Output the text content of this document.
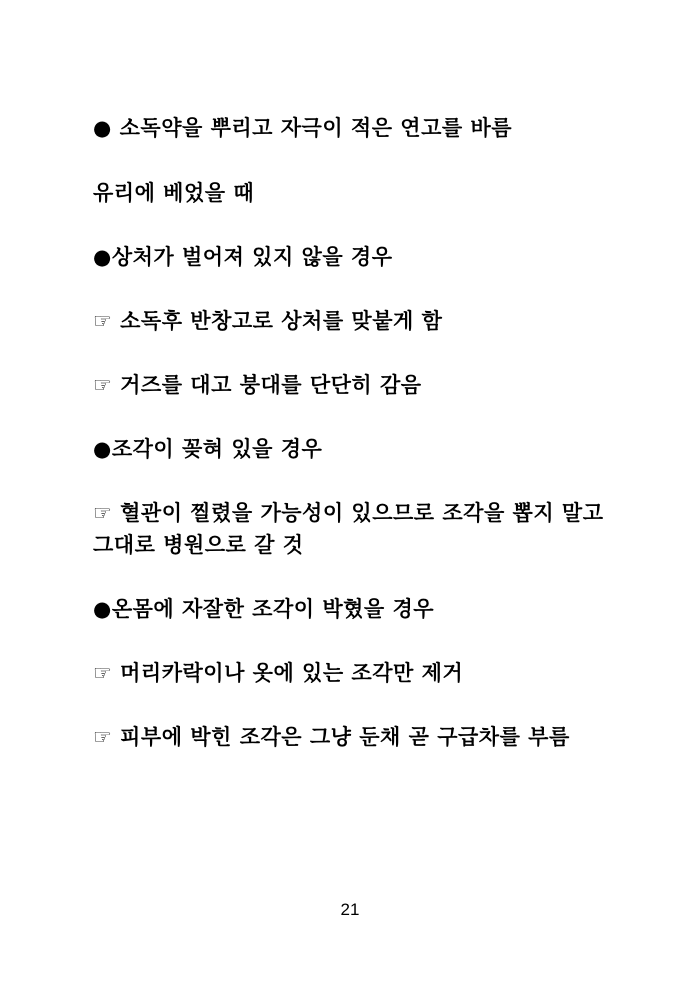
● 소독약을 뿌리고 자극이 적은 연고를 바름
유리에 베었을 때
●상처가 벌어져 있지 않을 경우
☞ 소독후 반창고로 상처를 맞붙게 함
☞ 거즈를 대고 붕대를 단단히 감음
●조각이 꽂혀 있을 경우
☞ 혈관이 찔렸을 가능성이 있으므로 조각을 뽑지 말고 그대로 병원으로 갈 것
●온몸에 자잘한 조각이 박혔을 경우
☞ 머리카락이나 옷에 있는 조각만 제거
☞ 피부에 박힌 조각은 그냥 둔채 곧 구급차를 부름
21
